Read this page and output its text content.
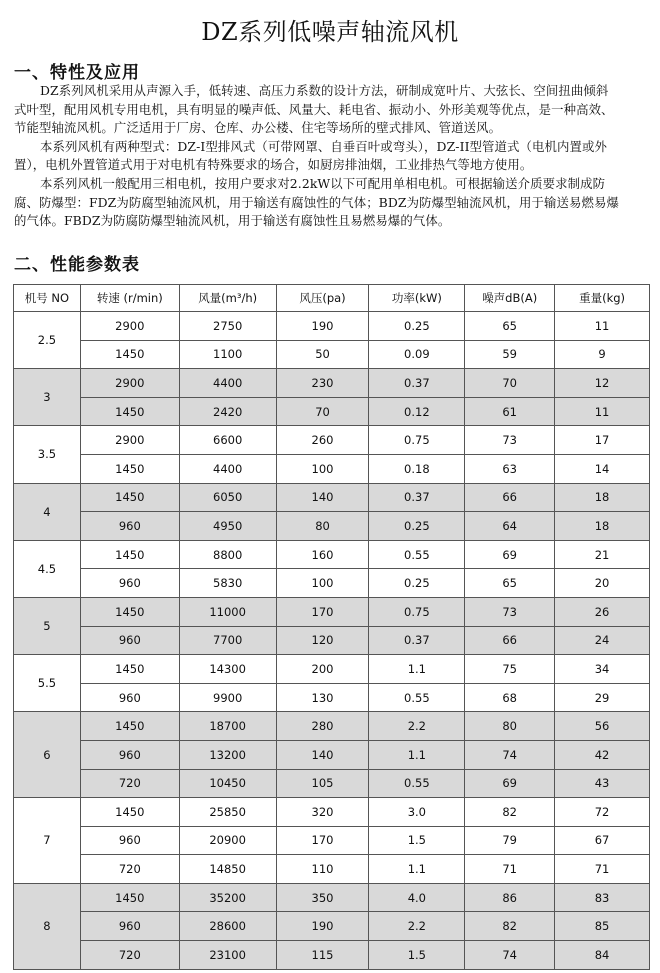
DZ系列低噪声轴流风机
一、特性及应用

DZ系列风机采用从声源入手，低转速、高压力系数的设计方法，研制成宽叶片、大弦长、空间扭曲倾斜

式叶型，配用风机专用电机，具有明显的噪声低、风量大、耗电省、振动小、外形美观等优点，是一种高效、

节能型轴流风机。广泛适用于厂房、仓库、办公楼、住宅等场所的壁式排风、管道送风。

本系列风机有两种型式：DZ-I型排风式（可带网罩、自垂百叶或弯头），DZ-II型管道式（电机内置或外

置），电机外置管道式用于对电机有特殊要求的场合，如厨房排油烟，工业排热气等地方使用。

本系列风机一般配用三相电机，按用户要求对2.2kW以下可配用单相电机。可根据输送介质要求制成防

腐、防爆型：FDZ为防腐型轴流风机，用于输送有腐蚀性的气体；BDZ为防爆型轴流风机，用于输送易燃易爆

的气体。FBDZ为防腐防爆型轴流风机，用于输送有腐蚀性且易燃易爆的气体。

二、性能参数表
机号 NO	转速 (r/min)	风量(m³/h)	风压(pa)	功率(kW)	噪声dB(A)	重量(kg)
2.5	2900	2750	190	0.25	65	11
	1450	1100	50	0.09	59	9
3	2900	4400	230	0.37	70	12
	1450	2420	70	0.12	61	11
3.5	2900	6600	260	0.75	73	17
	1450	4400	100	0.18	63	14
4	1450	6050	140	0.37	66	18
	960	4950	80	0.25	64	18
4.5	1450	8800	160	0.55	69	21
	960	5830	100	0.25	65	20
5	1450	11000	170	0.75	73	26
	960	7700	120	0.37	66	24
5.5	1450	14300	200	1.1	75	34
	960	9900	130	0.55	68	29
6	1450	18700	280	2.2	80	56
	960	13200	140	1.1	74	42
	720	10450	105	0.55	69	43
7	1450	25850	320	3.0	82	72
	960	20900	170	1.5	79	67
	720	14850	110	1.1	71	71
8	1450	35200	350	4.0	86	83
	960	28600	190	2.2	82	85
	720	23100	115	1.5	74	84
